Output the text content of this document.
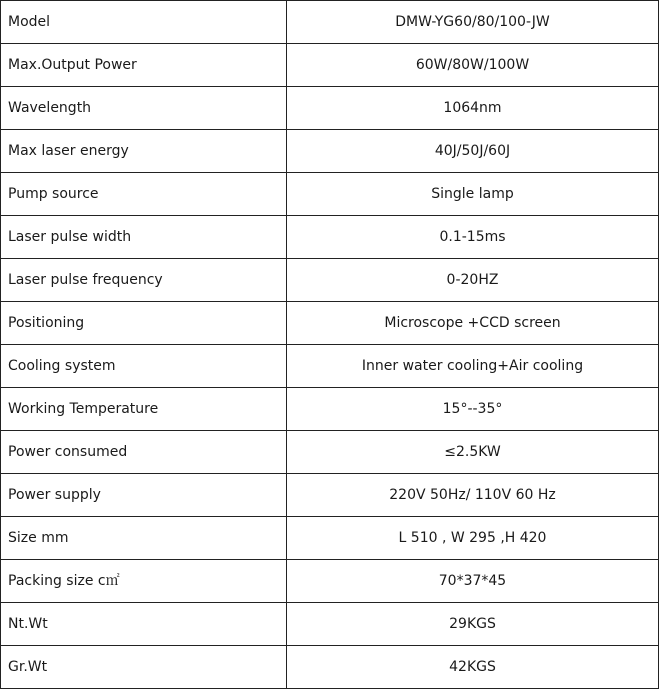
Model	DMW-YG60/80/100-JW
Max.Output Power	60W/80W/100W
Wavelength	1064nm
Max laser energy	40J/50J/60J
Pump source	Single lamp
Laser pulse width	0.1-15ms
Laser pulse frequency	0-20HZ
Positioning	Microscope +CCD screen
Cooling system	Inner water cooling+Air cooling
Working Temperature	15°--35°
Power consumed	≤2.5KW
Power supply	220V 50Hz/ 110V 60 Hz
Size mm	L 510 , W 295 ,H 420
Packing size c㎡	70*37*45
Nt.Wt	29KGS
Gr.Wt	42KGS
